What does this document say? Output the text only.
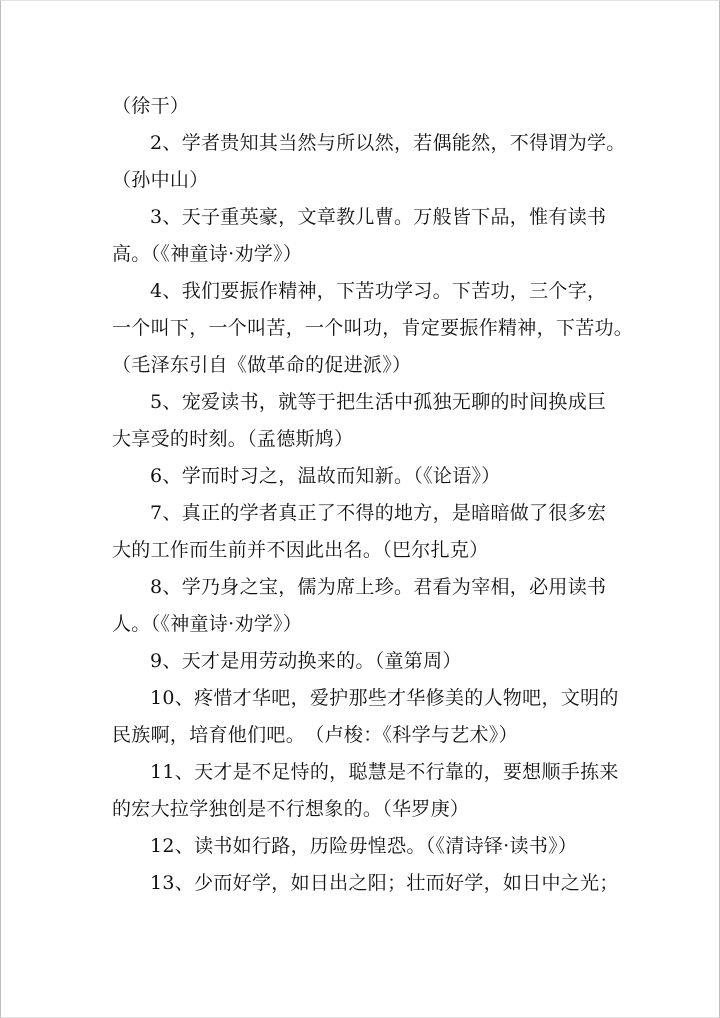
（徐干）
2、学者贵知其当然与所以然，若偶能然，不得谓为学。
（孙中山）
3、天子重英豪，文章教儿曹。万般皆下品，惟有读书
高。（《神童诗·劝学》）
4、我们要振作精神，下苦功学习。下苦功，三个字，
一个叫下，一个叫苦，一个叫功，肯定要振作精神，下苦功。
（毛泽东引自《做革命的促进派》）
5、宠爱读书，就等于把生活中孤独无聊的时间换成巨
大享受的时刻。（孟德斯鸠）
6、学而时习之，温故而知新。（《论语》）
7、真正的学者真正了不得的地方，是暗暗做了很多宏
大的工作而生前并不因此出名。（巴尔扎克）
8、学乃身之宝，儒为席上珍。君看为宰相，必用读书
人。（《神童诗·劝学》）
9、天才是用劳动换来的。（童第周）
10、疼惜才华吧，爱护那些才华修美的人物吧，文明的
民族啊，培育他们吧。　（卢梭：《科学与艺术》）
11、天才是不足恃的，聪慧是不行靠的，要想顺手拣来
的宏大拉学独创是不行想象的。（华罗庚）
12、读书如行路，历险毋惶恐。（《清诗铎·读书》）
13、少而好学，如日出之阳；壮而好学，如日中之光；
